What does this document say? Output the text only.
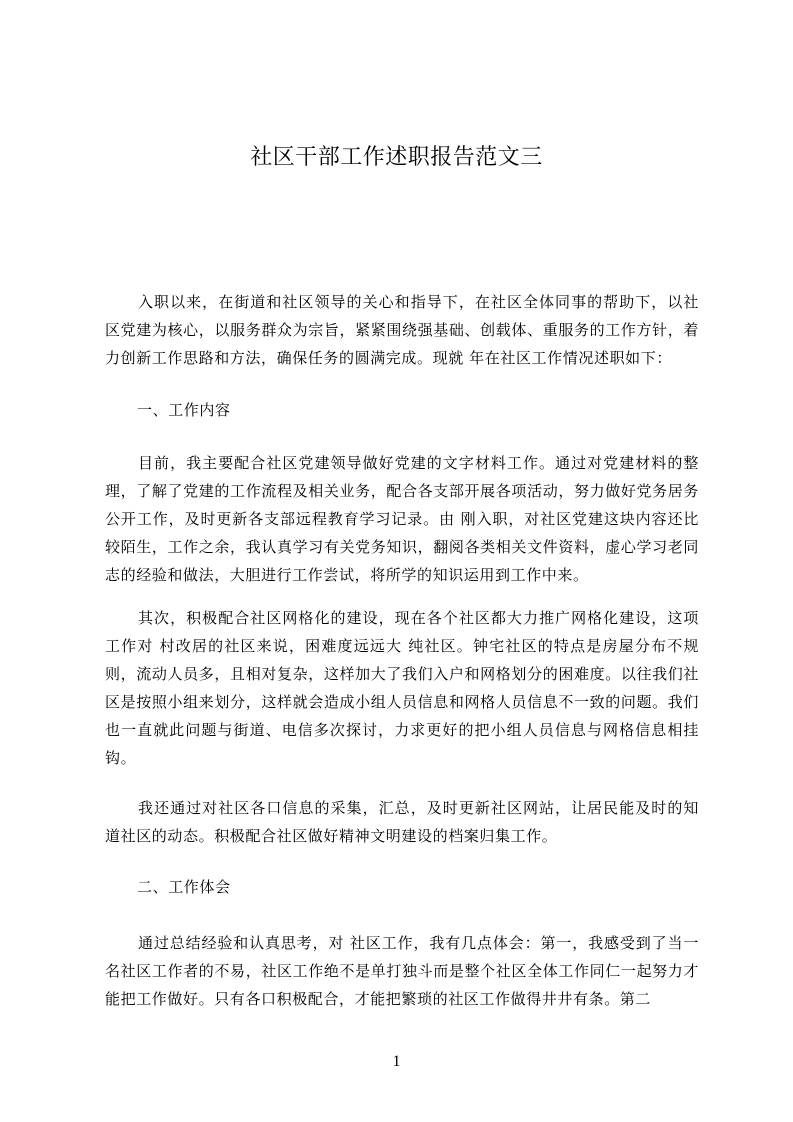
社区干部工作述职报告范文三

入职以来，在街道和社区领导的关心和指导下，在社区全体同事的帮助下，以社区党建为核心，以服务群众为宗旨，紧紧围绕强基础、创载体、重服务的工作方针，着力创新工作思路和方法，确保任务的圆满完成。现就 年在社区工作情况述职如下：

一、工作内容

目前，我主要配合社区党建领导做好党建的文字材料工作。通过对党建材料的整理，了解了党建的工作流程及相关业务，配合各支部开展各项活动，努力做好党务居务公开工作，及时更新各支部远程教育学习记录。由 刚入职，对社区党建这块内容还比较陌生，工作之余，我认真学习有关党务知识，翻阅各类相关文件资料，虚心学习老同志的经验和做法，大胆进行工作尝试，将所学的知识运用到工作中来。

其次，积极配合社区网格化的建设，现在各个社区都大力推广网格化建设，这项工作对 村改居的社区来说，困难度远远大 纯社区。钟宅社区的特点是房屋分布不规则，流动人员多，且相对复杂，这样加大了我们入户和网格划分的困难度。以往我们社区是按照小组来划分，这样就会造成小组人员信息和网格人员信息不一致的问题。我们也一直就此问题与街道、电信多次探讨，力求更好的把小组人员信息与网格信息相挂钩。

我还通过对社区各口信息的采集，汇总，及时更新社区网站，让居民能及时的知道社区的动态。积极配合社区做好精神文明建设的档案归集工作。

二、工作体会

通过总结经验和认真思考，对 社区工作，我有几点体会：第一，我感受到了当一名社区工作者的不易，社区工作绝不是单打独斗而是整个社区全体工作同仁一起努力才能把工作做好。只有各口积极配合，才能把繁琐的社区工作做得井井有条。第二

1
